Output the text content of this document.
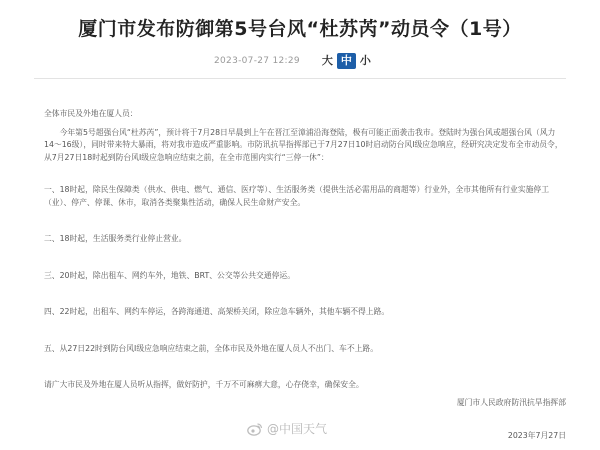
厦门市发布防御第5号台风“杜苏芮”动员令（1号）
2023-07-27 12:29	大 中 小

全体市民及外地在厦人员：

今年第5号超强台风“杜苏芮”，预计将于7月28日早晨到上午在晋江至漳浦沿海登陆，极有可能正面袭击我市。登陆时为强台风或超强台风（风力14～16级），同时带来特大暴雨，将对我市造成严重影响。市防讯抗旱指挥部已于7月27日10时启动防台风Ⅰ级应急响应，经研究决定发布全市动员令，从7月27日18时起到防台风Ⅰ级应急响应结束之前，在全市范围内实行“三停一休”：

一、18时起，除民生保障类（供水、供电、燃气、通信、医疗等）、生活服务类（提供生活必需用品的商超等）行业外，全市其他所有行业实施停工（业）、停产、停课、休市，取消各类聚集性活动，确保人民生命财产安全。

二、18时起，生活服务类行业停止营业。

三、20时起，除出租车、网约车外，地铁、BRT、公交等公共交通停运。

四、22时起，出租车、网约车停运，各跨海通道、高架桥关闭，除应急车辆外，其他车辆不得上路。

五、从27日22时到防台风Ⅰ级应急响应结束之前，全体市民及外地在厦人员人不出门、车不上路。

请广大市民及外地在厦人员听从指挥，做好防护，千万不可麻痹大意，心存侥幸，确保安全。

厦门市人民政府防汛抗旱指挥部
@中国天气	2023年7月27日
